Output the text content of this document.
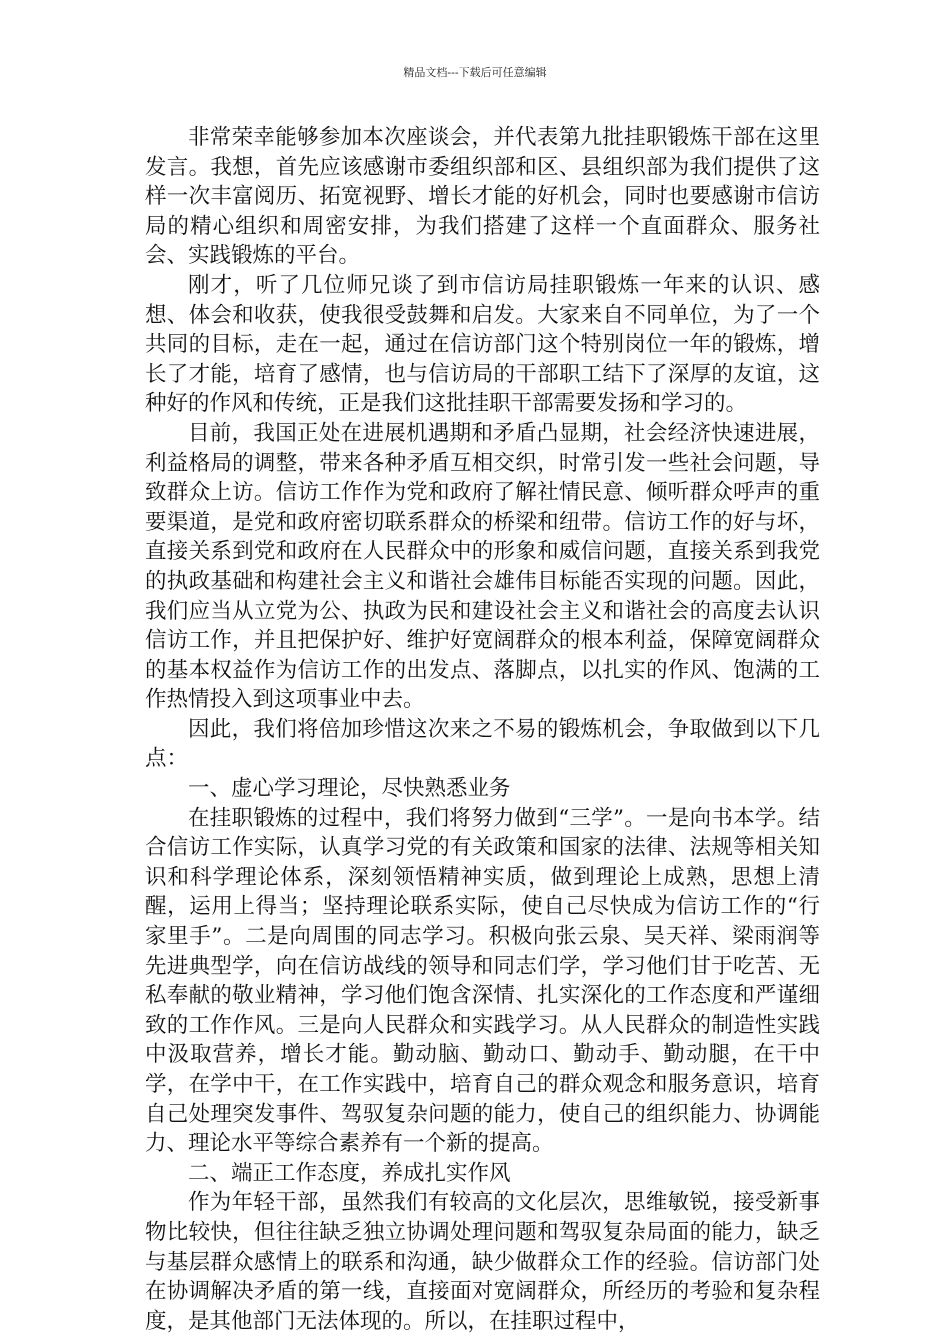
精品文档---下载后可任意编辑

非常荣幸能够参加本次座谈会，并代表第九批挂职锻炼干部在这里发言。我想，首先应该感谢市委组织部和区、县组织部为我们提供了这样一次丰富阅历、拓宽视野、增长才能的好机会，同时也要感谢市信访局的精心组织和周密安排，为我们搭建了这样一个直面群众、服务社会、实践锻炼的平台。

刚才，听了几位师兄谈了到市信访局挂职锻炼一年来的认识、感想、体会和收获，使我很受鼓舞和启发。大家来自不同单位，为了一个共同的目标，走在一起，通过在信访部门这个特别岗位一年的锻炼，增长了才能，培育了感情，也与信访局的干部职工结下了深厚的友谊，这种好的作风和传统，正是我们这批挂职干部需要发扬和学习的。

目前，我国正处在进展机遇期和矛盾凸显期，社会经济快速进展，利益格局的调整，带来各种矛盾互相交织，时常引发一些社会问题，导致群众上访。信访工作作为党和政府了解社情民意、倾听群众呼声的重要渠道，是党和政府密切联系群众的桥梁和纽带。信访工作的好与坏，直接关系到党和政府在人民群众中的形象和威信问题，直接关系到我党的执政基础和构建社会主义和谐社会雄伟目标能否实现的问题。因此，我们应当从立党为公、执政为民和建设社会主义和谐社会的高度去认识信访工作，并且把保护好、维护好宽阔群众的根本利益，保障宽阔群众的基本权益作为信访工作的出发点、落脚点，以扎实的作风、饱满的工作热情投入到这项事业中去。

因此，我们将倍加珍惜这次来之不易的锻炼机会，争取做到以下几点：

一、虚心学习理论，尽快熟悉业务

在挂职锻炼的过程中，我们将努力做到“三学”。一是向书本学。结合信访工作实际，认真学习党的有关政策和国家的法律、法规等相关知识和科学理论体系，深刻领悟精神实质，做到理论上成熟，思想上清醒，运用上得当；坚持理论联系实际，使自己尽快成为信访工作的“行家里手”。二是向周围的同志学习。积极向张云泉、吴天祥、梁雨润等先进典型学，向在信访战线的领导和同志们学，学习他们甘于吃苦、无私奉献的敬业精神，学习他们饱含深情、扎实深化的工作态度和严谨细致的工作作风。三是向人民群众和实践学习。从人民群众的制造性实践中汲取营养，增长才能。勤动脑、勤动口、勤动手、勤动腿，在干中学，在学中干，在工作实践中，培育自己的群众观念和服务意识，培育自己处理突发事件、驾驭复杂问题的能力，使自己的组织能力、协调能力、理论水平等综合素养有一个新的提高。

二、端正工作态度，养成扎实作风

作为年轻干部，虽然我们有较高的文化层次，思维敏锐，接受新事物比较快，但往往缺乏独立协调处理问题和驾驭复杂局面的能力，缺乏与基层群众感情上的联系和沟通，缺少做群众工作的经验。信访部门处在协调解决矛盾的第一线，直接面对宽阔群众，所经历的考验和复杂程度，是其他部门无法体现的。所以，在挂职过程中，
